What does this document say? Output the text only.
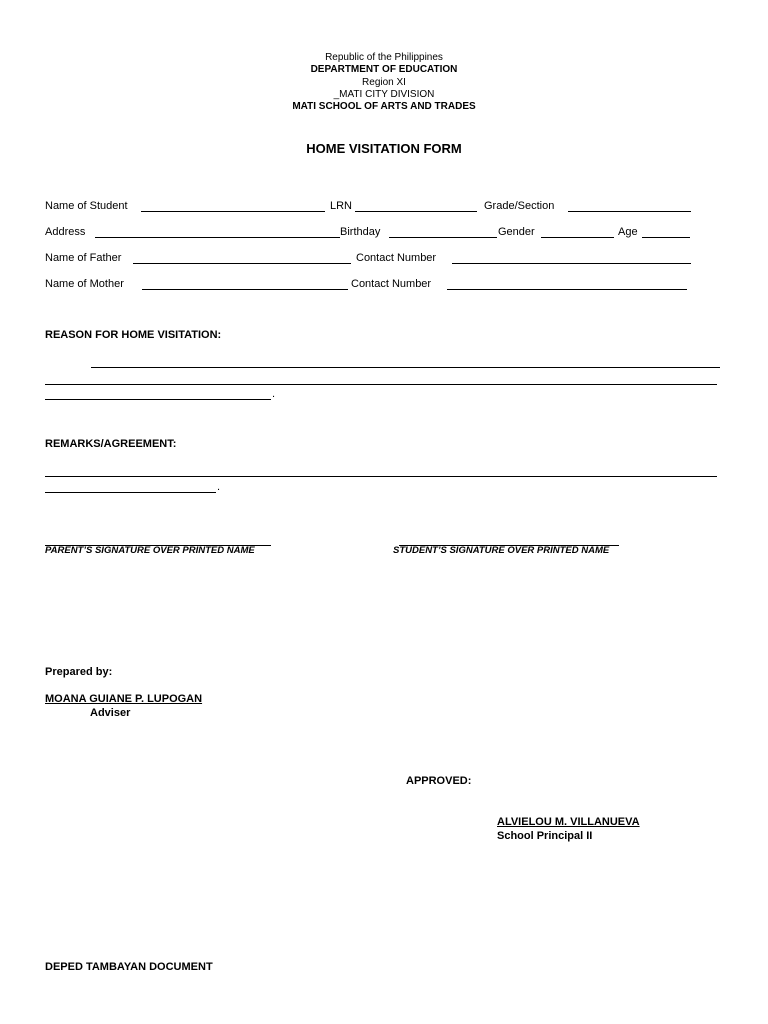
Republic of the Philippines
DEPARTMENT OF EDUCATION
Region XI
_MATI CITY DIVISION
MATI SCHOOL OF ARTS AND TRADES
HOME VISITATION FORM
Name of Student	LRN	Grade/Section
Address	Birthday	Gender	Age
Name of Father	Contact Number
Name of Mother	Contact Number
REASON FOR HOME VISITATION:
.
REMARKS/AGREEMENT:
.
PARENT’S SIGNATURE OVER PRINTED NAME	STUDENT’S SIGNATURE OVER PRINTED NAME
Prepared by:
MOANA GUIANE P. LUPOGAN
Adviser
APPROVED:
ALVIELOU M. VILLANUEVA
School Principal II
DEPED TAMBAYAN DOCUMENT
